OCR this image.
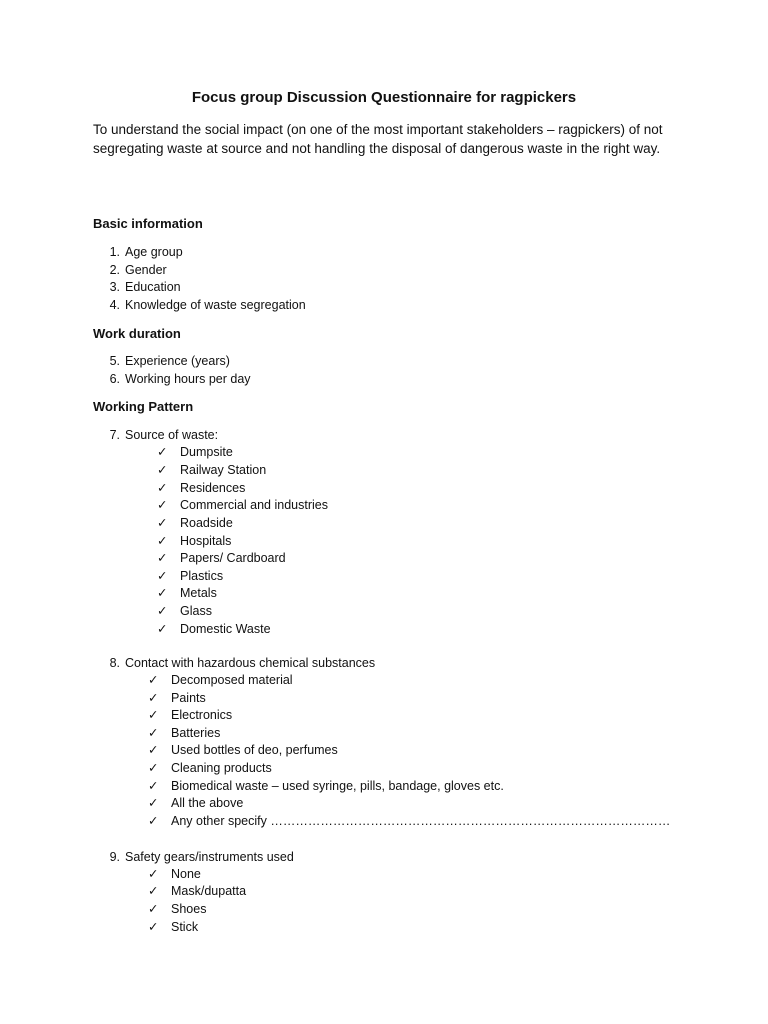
Focus group Discussion Questionnaire for ragpickers
To understand the social impact (on one of the most important stakeholders – ragpickers) of not segregating waste at source and not handling the disposal of dangerous waste in the right way.
Basic information
1. Age group
2. Gender
3. Education
4. Knowledge of waste segregation
Work duration
5. Experience (years)
6. Working hours per day
Working Pattern
7. Source of waste:
✓ Dumpsite
✓ Railway Station
✓ Residences
✓ Commercial and industries
✓ Roadside
✓ Hospitals
✓ Papers/ Cardboard
✓ Plastics
✓ Metals
✓ Glass
✓ Domestic Waste
8. Contact with hazardous chemical substances
✓ Decomposed material
✓ Paints
✓ Electronics
✓ Batteries
✓ Used bottles of deo, perfumes
✓ Cleaning products
✓ Biomedical waste – used syringe, pills, bandage, gloves etc.
✓ All the above
✓ Any other specify ……………………………………………………………………………………
9. Safety gears/instruments used
✓ None
✓ Mask/dupatta
✓ Shoes
✓ Stick
